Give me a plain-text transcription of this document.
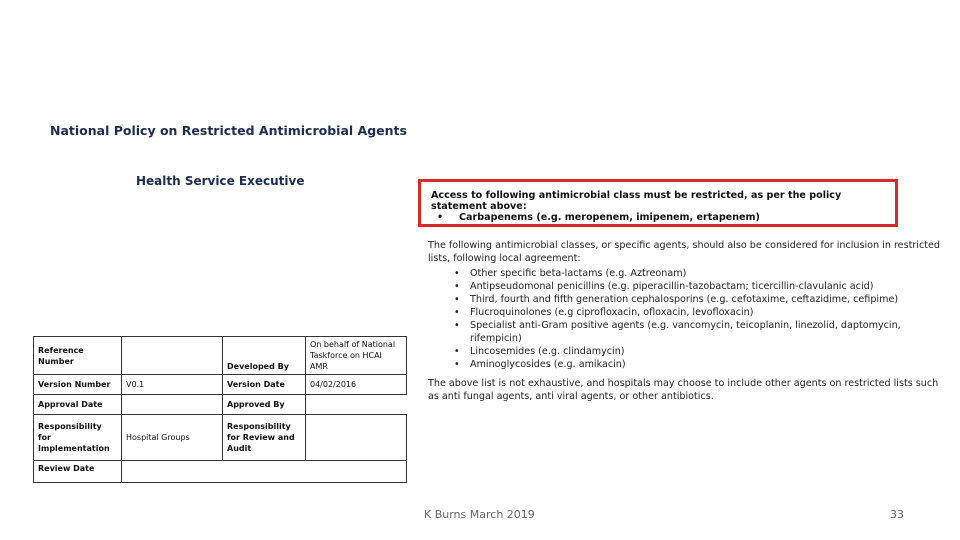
National Policy on Restricted Antimicrobial Agents
Health Service Executive
Reference Number		Developed By	On behalf of National Taskforce on HCAI AMR
Version Number	V0.1	Version Date	04/02/2016
Approval Date		Approved By	
Responsibility for Implementation	Hospital Groups	Responsibility for Review and Audit	
Review Date			
Access to following antimicrobial class must be restricted, as per the policy statement above:
• Carbapenems (e.g. meropenem, imipenem, ertapenem)

The following antimicrobial classes, or specific agents, should also be considered for inclusion in restricted lists, following local agreement:

• Other specific beta-lactams (e.g. Aztreonam)
• Antipseudomonal penicillins (e.g. piperacillin-tazobactam; ticercillin-clavulanic acid)
• Third, fourth and fifth generation cephalosporins (e.g. cefotaxime, ceftazidime, cefipime)
• Flucroquinolones (e.g ciprofloxacin, ofloxacin, levofloxacin)
• Specialist anti-Gram positive agents (e.g. vancomycin, teicoplanin, linezolid, daptomycin, rifempicin)
• Lincosemides (e.g. clindamycin)
• Aminoglycosides (e.g. amikacin)

The above list is not exhaustive, and hospitals may choose to include other agents on restricted lists such as anti fungal agents, anti viral agents, or other antibiotics.

K Burns March 2019	33
